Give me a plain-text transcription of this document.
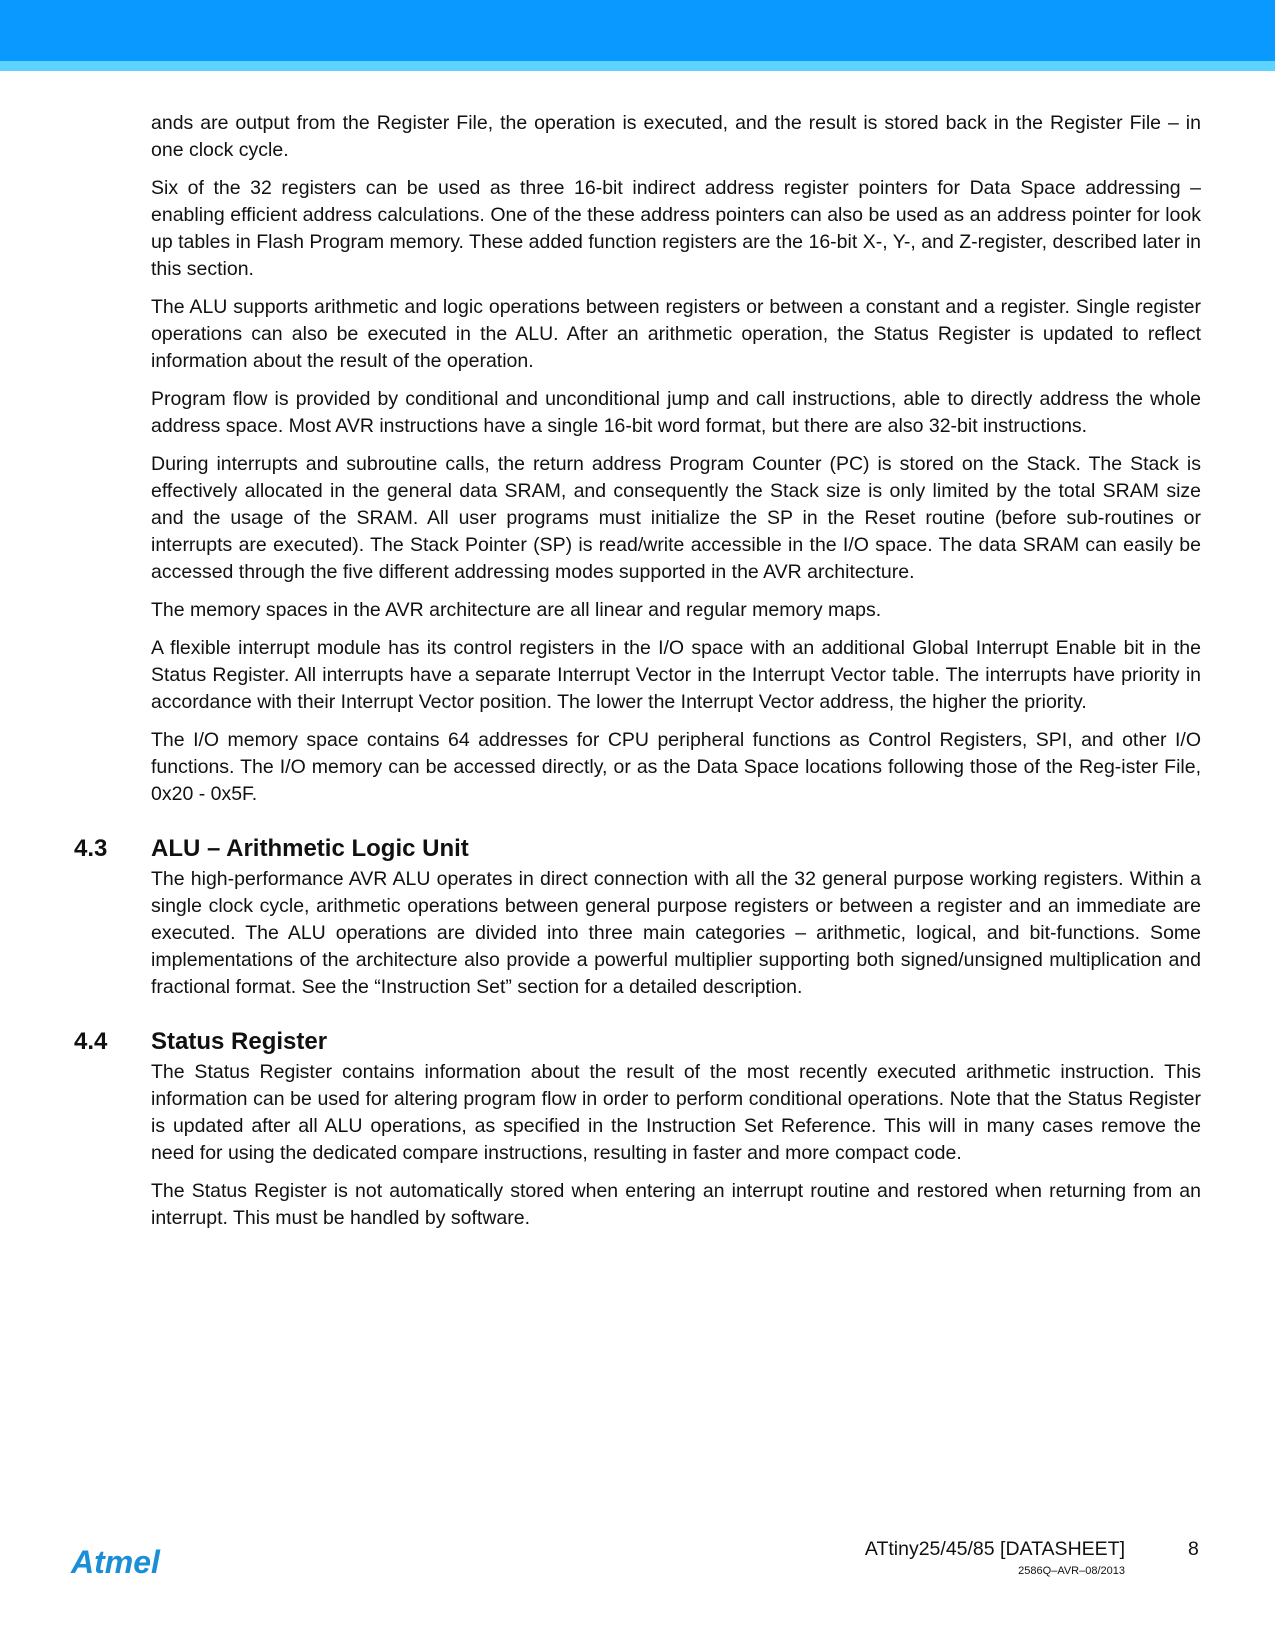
ands are output from the Register File, the operation is executed, and the result is stored back in the Register File – in one clock cycle.

Six of the 32 registers can be used as three 16-bit indirect address register pointers for Data Space addressing – enabling efficient address calculations. One of the these address pointers can also be used as an address pointer for look up tables in Flash Program memory. These added function registers are the 16-bit X-, Y-, and Z-register, described later in this section.

The ALU supports arithmetic and logic operations between registers or between a constant and a register. Single register operations can also be executed in the ALU. After an arithmetic operation, the Status Register is updated to reflect information about the result of the operation.

Program flow is provided by conditional and unconditional jump and call instructions, able to directly address the whole address space. Most AVR instructions have a single 16-bit word format, but there are also 32-bit instructions.

During interrupts and subroutine calls, the return address Program Counter (PC) is stored on the Stack. The Stack is effectively allocated in the general data SRAM, and consequently the Stack size is only limited by the total SRAM size and the usage of the SRAM. All user programs must initialize the SP in the Reset routine (before sub-routines or interrupts are executed). The Stack Pointer (SP) is read/write accessible in the I/O space. The data SRAM can easily be accessed through the five different addressing modes supported in the AVR architecture.

The memory spaces in the AVR architecture are all linear and regular memory maps.

A flexible interrupt module has its control registers in the I/O space with an additional Global Interrupt Enable bit in the Status Register. All interrupts have a separate Interrupt Vector in the Interrupt Vector table. The interrupts have priority in accordance with their Interrupt Vector position. The lower the Interrupt Vector address, the higher the priority.

The I/O memory space contains 64 addresses for CPU peripheral functions as Control Registers, SPI, and other I/O functions. The I/O memory can be accessed directly, or as the Data Space locations following those of the Reg-ister File, 0x20 - 0x5F.

4.3 ALU – Arithmetic Logic Unit

The high-performance AVR ALU operates in direct connection with all the 32 general purpose working registers. Within a single clock cycle, arithmetic operations between general purpose registers or between a register and an immediate are executed. The ALU operations are divided into three main categories – arithmetic, logical, and bit-functions. Some implementations of the architecture also provide a powerful multiplier supporting both signed/unsigned multiplication and fractional format. See the “Instruction Set” section for a detailed description.

4.4 Status Register

The Status Register contains information about the result of the most recently executed arithmetic instruction. This information can be used for altering program flow in order to perform conditional operations. Note that the Status Register is updated after all ALU operations, as specified in the Instruction Set Reference. This will in many cases remove the need for using the dedicated compare instructions, resulting in faster and more compact code.

The Status Register is not automatically stored when entering an interrupt routine and restored when returning from an interrupt. This must be handled by software.

Atmel	ATtiny25/45/85 [DATASHEET]	8
2586Q–AVR–08/2013
